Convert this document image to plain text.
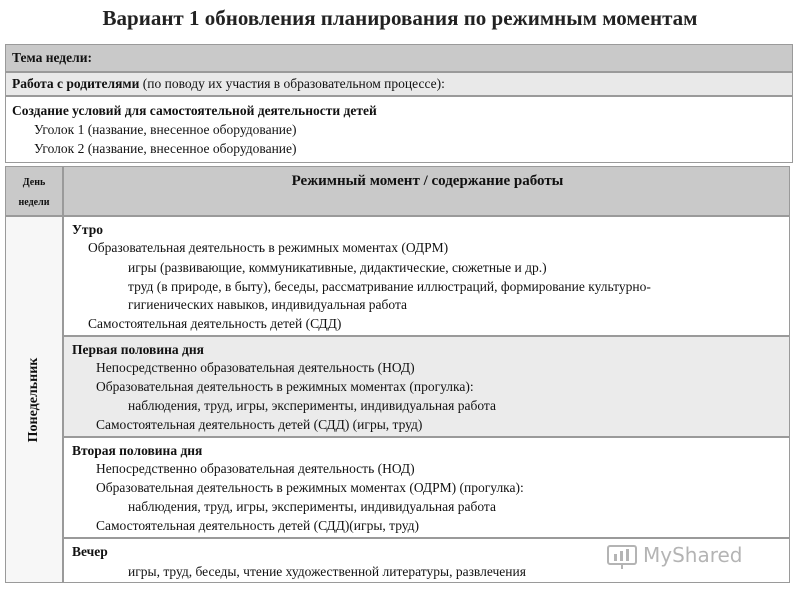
Вариант 1 обновления планирования по режимным моментам
Тема недели:
Работа с родителями (по поводу их участия в образовательном процессе):
Создание условий для самостоятельной деятельности детей
Уголок 1 (название, внесенное оборудование)
Уголок 2 (название, внесенное оборудование)
День
недели
Режимный момент / содержание работы
Понедельник
Утро
Образовательная деятельность в режимных моментах (ОДРМ)
игры (развивающие, коммуникативные, дидактические, сюжетные и др.)
труд (в природе, в быту), беседы, рассматривание иллюстраций, формирование культурно-
гигиенических навыков, индивидуальная работа
Самостоятельная деятельность детей (СДД)
Первая половина дня
Непосредственно образовательная деятельность (НОД)
Образовательная деятельность в режимных моментах (прогулка):
наблюдения, труд, игры, эксперименты, индивидуальная работа
Самостоятельная деятельность детей (СДД) (игры, труд)
Вторая половина дня
Непосредственно образовательная деятельность (НОД)
Образовательная деятельность в режимных моментах (ОДРМ) (прогулка):
наблюдения, труд, игры, эксперименты, индивидуальная работа
Самостоятельная деятельность детей (СДД)(игры, труд)
Вечер
игры, труд, беседы, чтение художественной литературы, развлечения
MyShared
